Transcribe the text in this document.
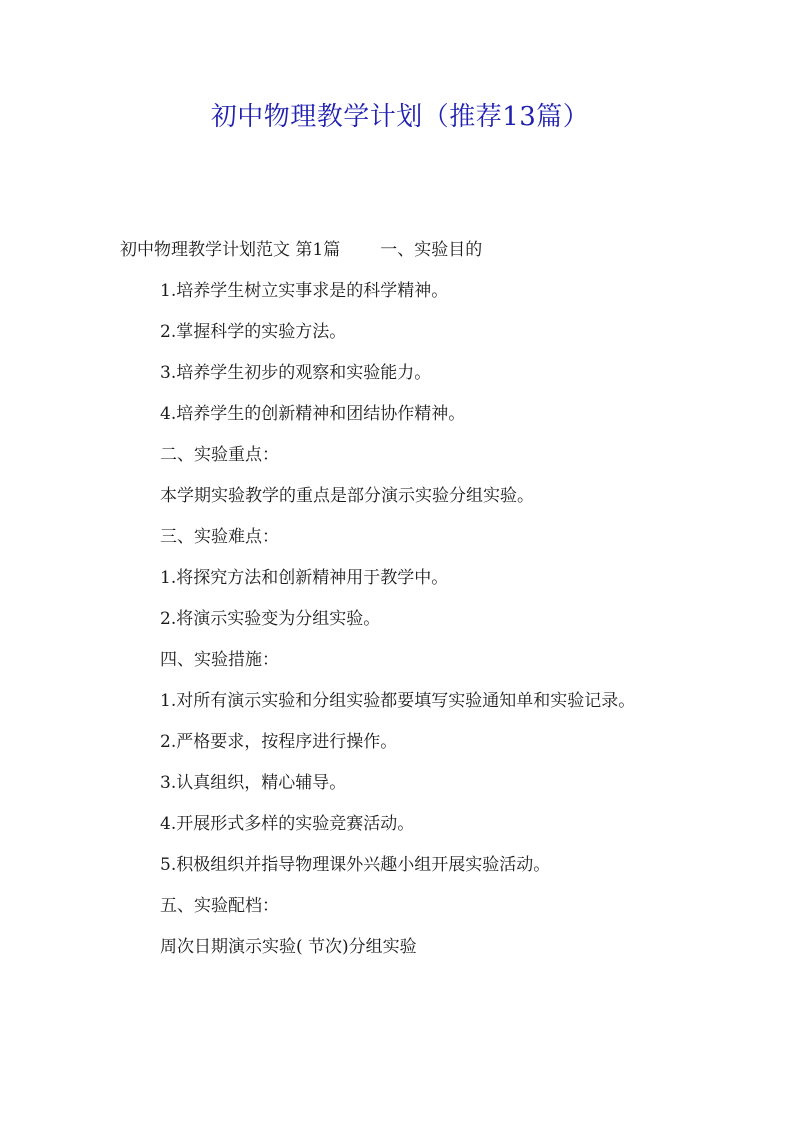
初中物理教学计划（推荐13篇）
初中物理教学计划范文 第1篇 一、实验目的
1.培养学生树立实事求是的科学精神。
2.掌握科学的实验方法。
3.培养学生初步的观察和实验能力。
4.培养学生的创新精神和团结协作精神。
二、实验重点：
本学期实验教学的重点是部分演示实验分组实验。
三、实验难点：
1.将探究方法和创新精神用于教学中。
2.将演示实验变为分组实验。
四、实验措施：
1.对所有演示实验和分组实验都要填写实验通知单和实验记录。
2.严格要求，按程序进行操作。
3.认真组织，精心辅导。
4.开展形式多样的实验竞赛活动。
5.积极组织并指导物理课外兴趣小组开展实验活动。
五、实验配档：
周次日期演示实验( 节次)分组实验
